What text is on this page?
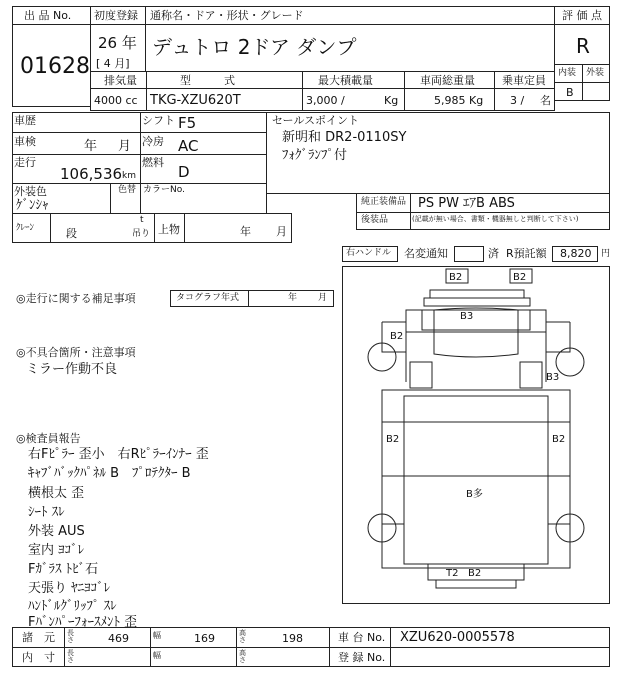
出 品 No.
01628
初度登録
26 年
[ 4 月]
通称名・ドア・形状・グレード
デュトロ 2ドア ダンプ
評 価 点
R
内装 外装
B
排気量
4000 cc
型　　　式
TKG-XZU620T
最大積載量
3,000 /	Kg
車両総重量
5,985 Kg
乗車定員
3 / 名
車歴	シフト F5
車検	年 月 冷房 AC
走行
106,536 km
燃料
D
外装色
ｹﾞﾝｼｬ
色替 カラーNo.
セールスポイント
新明和 DR2-0110SY
ﾌｫｸﾞﾗﾝﾌﾟ付
純正装備品 PS PW ｴｱB ABS
後装品	(記載が無い場合、書類・機器無しと判断して下さい)
ｸﾚｰﾝ	段
t
吊り 上物	年 月
右ハンドル 名変通知	済 R預託額 8,820 円
◎走行に関する補足事項	タコグラフ年式	年 月
◎不具合箇所・注意事項
ミラー作動不良
◎検査員報告
右Fﾋﾟﾗｰ 歪小　右Rﾋﾟﾗｰｲﾝﾅｰ 歪
ｷｬﾌﾞﾊﾞｯｸﾊﾟﾈﾙ B　ﾌﾟﾛﾃｸﾀｰ B
横根太 歪
ｼｰﾄ ｽﾚ
外装 AUS
室内 ﾖｺﾞﾚ
Fｶﾞﾗｽ ﾄﾋﾞ石
天張り ﾔﾆﾖｺﾞﾚ
ﾊﾝﾄﾞﾙｸﾞﾘｯﾌﾟ ｽﾚ
Fﾊﾞﾝﾊﾟｰﾌｫｰｽﾒﾝﾄ 歪
B2	B2
B3
B2
B3
B2	B2
B多
T2 B2
諸　元 長さ	469	幅	169	高さ	198
内　寸 長さ	幅	高さ
車 台 No. XZU620-0005578
登 録 No.
